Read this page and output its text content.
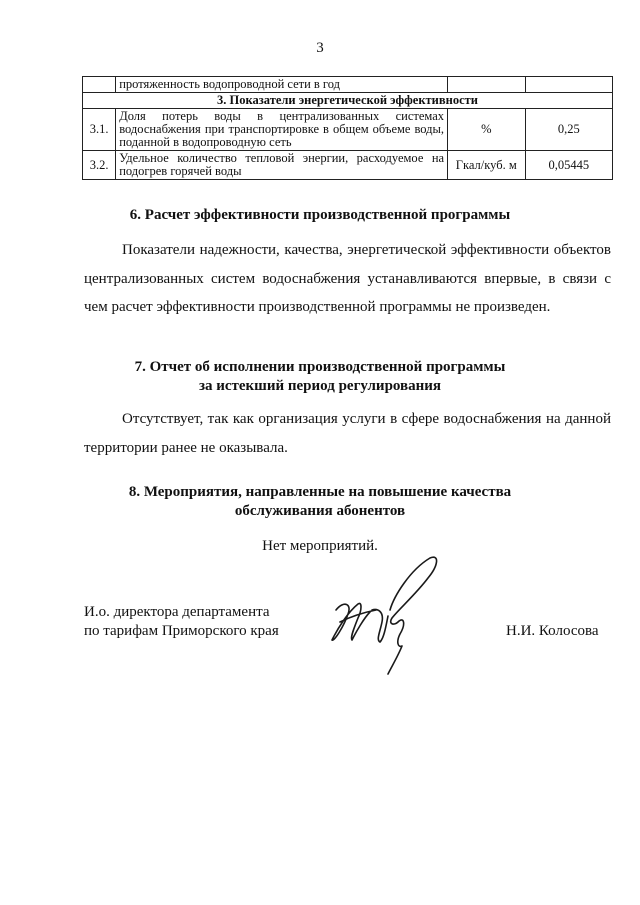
3
	протяженность водопроводной сети в год		
3. Показатели энергетической эффективности			
3.1.	Доля потерь воды в централизованных системах водоснабжения при транспортировке в общем объеме воды, поданной в водопроводную сеть	%	0,25
3.2.	Удельное количество тепловой энергии, расходуемое на подогрев горячей воды	Гкал/куб. м	0,05445
6. Расчет эффективности производственной программы

Показатели надежности, качества, энергетической эффективности объектов централизованных систем водоснабжения устанавливаются впервые, в связи с чем расчет эффективности производственной программы не произведен.

7. Отчет об исполнении производственной программы
за истекший период регулирования

Отсутствует, так как организация услуги в сфере водоснабжения на данной территории ранее не оказывала.

8. Мероприятия, направленные на повышение качества
обслуживания абонентов
Нет мероприятий.
И.о. директора департамента
по тарифам Приморского края	Н.И. Колосова
